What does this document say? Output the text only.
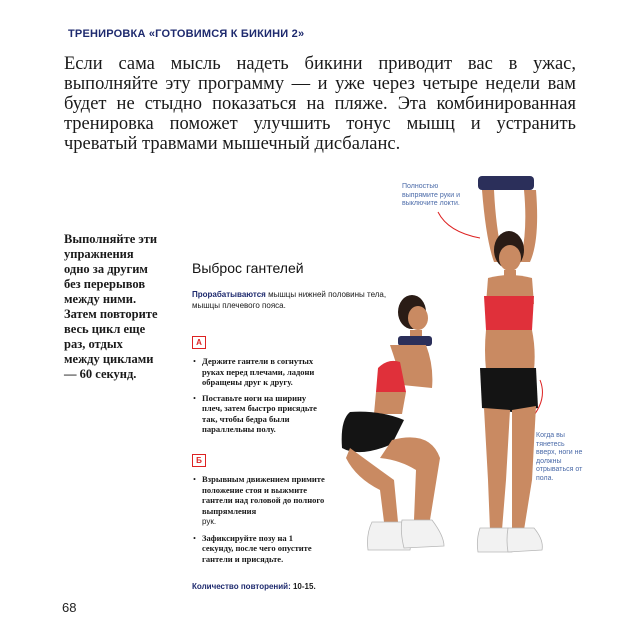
ТРЕНИРОВКА «ГОТОВИМСЯ К БИКИНИ 2»

Если сама мысль надеть бикини приводит вас в ужас, выполняйте эту программу — и уже через четыре недели вам будет не стыдно показаться на пляже. Эта комбинированная тренировка поможет улучшить тонус мышц и устранить чреватый травмами мышечный дисбаланс.

Выполняйте эти упражнения одно за другим без перерывов между ними. Затем повторите весь цикл еще раз, отдых между циклами — 60 секунд.

Выброс гантелей
Прорабатываются мышцы нижней половины тела, мышцы плечевого пояса.
А
• Держите гантели в согнутых руках перед плечами, ладони обращены друг к другу.
• Поставьте ноги на ширину плеч, затем быстро присядьте так, чтобы бедра были параллельны полу.
Б
• Взрывным движением примите положение стоя и выжмите гантели над головой до полного выпрямления
рук.
• Зафиксируйте позу на 1 секунду, после чего опустите гантели и присядьте.
Количество повторений: 10-15.
68

Полностью выпрямите руки и выключите локти.

Когда вы тянетесь вверх, ноги не должны отрываться от пола.
